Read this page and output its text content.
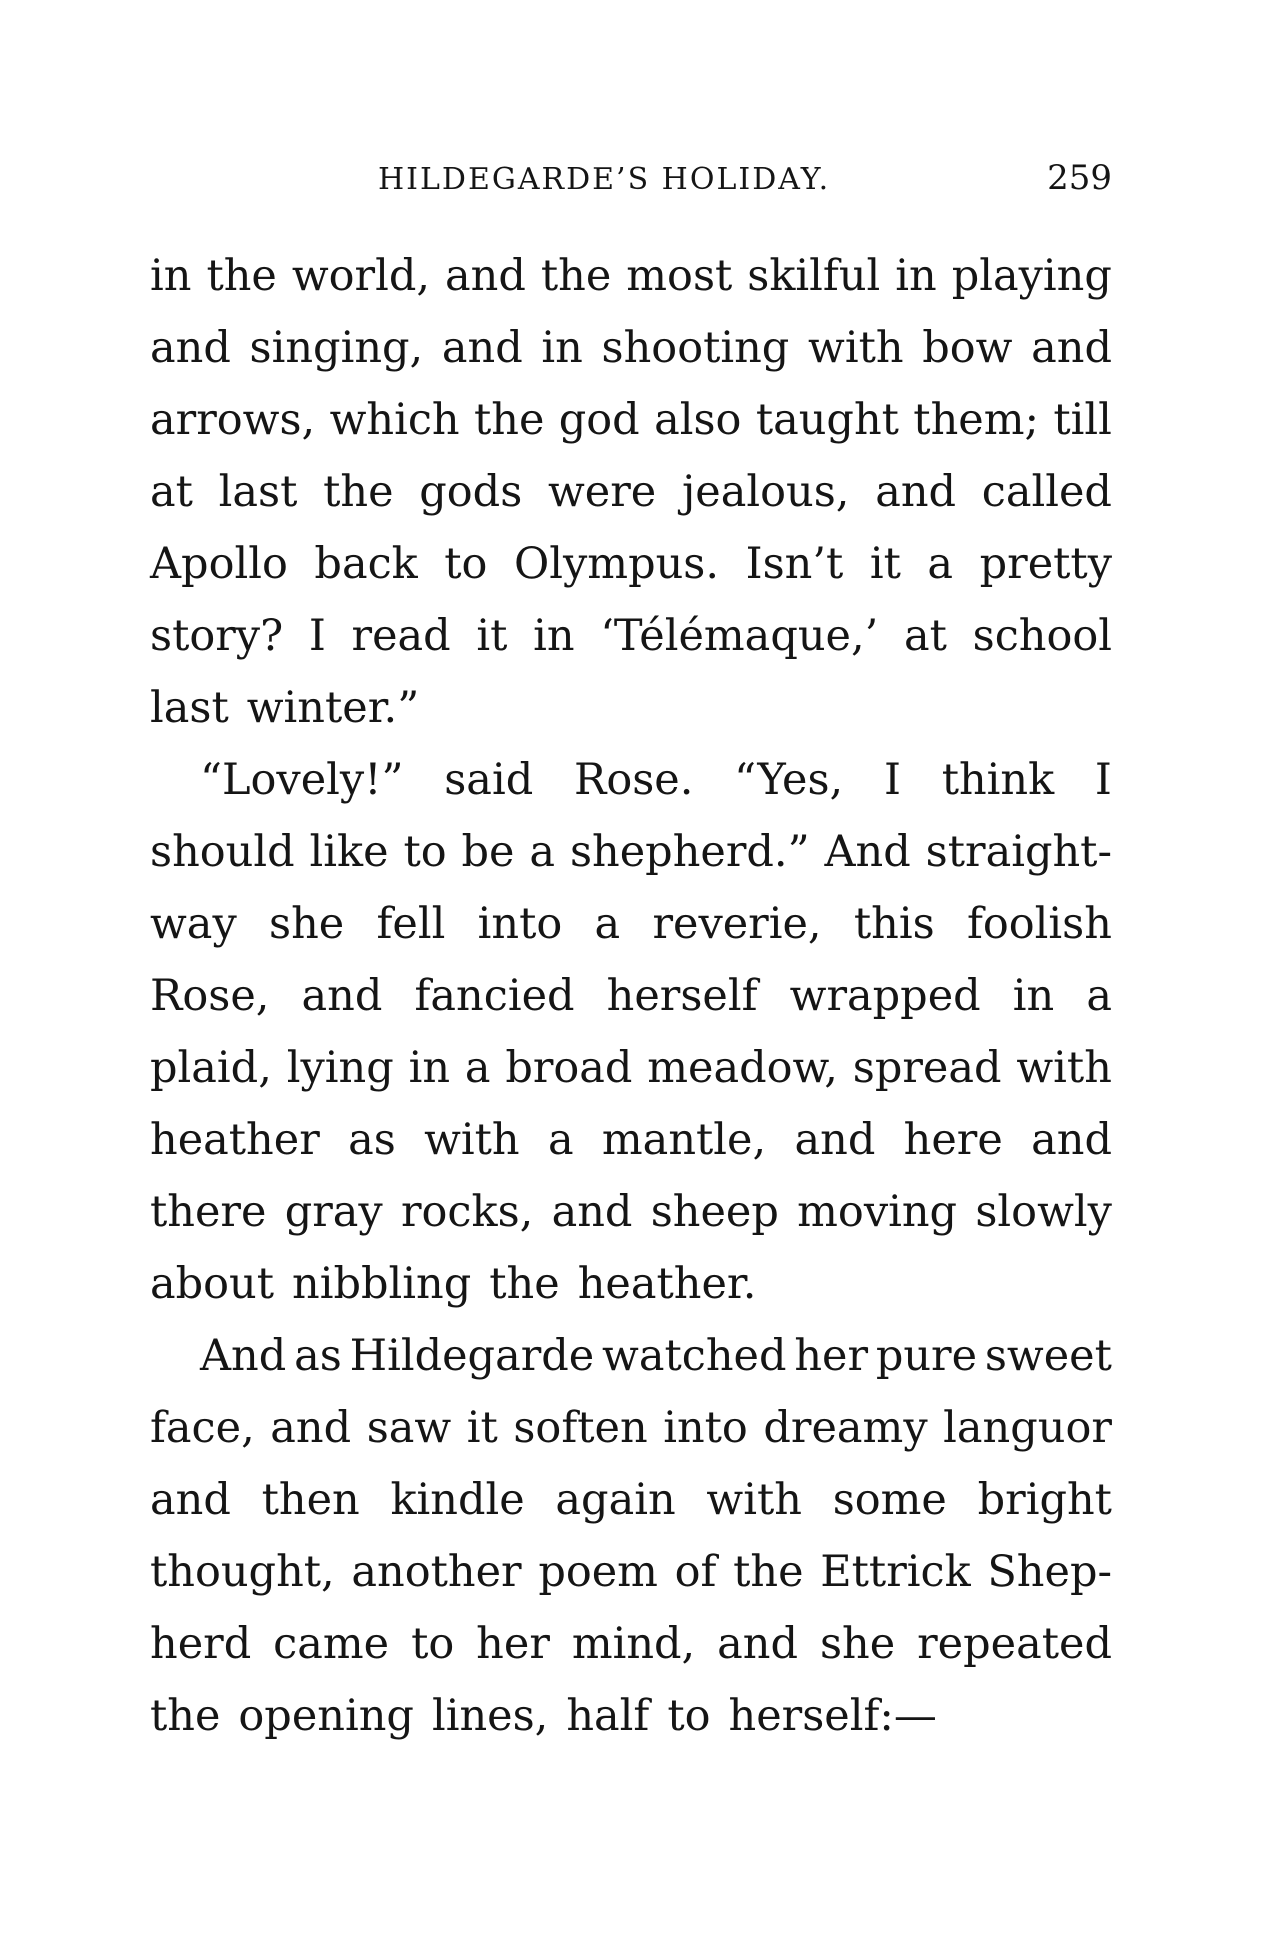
HILDEGARDE’S HOLIDAY.	259
in the world, and the most skilful in playing
and singing, and in shooting with bow and
arrows, which the god also taught them; till
at last the gods were jealous, and called
Apollo back to Olympus. Isn’t it a pretty
story? I read it in ‘Télémaque,’ at school
last winter.”
“Lovely!” said Rose. “Yes, I think I
should like to be a shepherd.” And straight-
way she fell into a reverie, this foolish
Rose, and fancied herself wrapped in a
plaid, lying in a broad meadow, spread with
heather as with a mantle, and here and
there gray rocks, and sheep moving slowly
about nibbling the heather.
And as Hildegarde watched her pure sweet
face, and saw it soften into dreamy languor
and then kindle again with some bright
thought, another poem of the Ettrick Shep-
herd came to her mind, and she repeated
the opening lines, half to herself:—
